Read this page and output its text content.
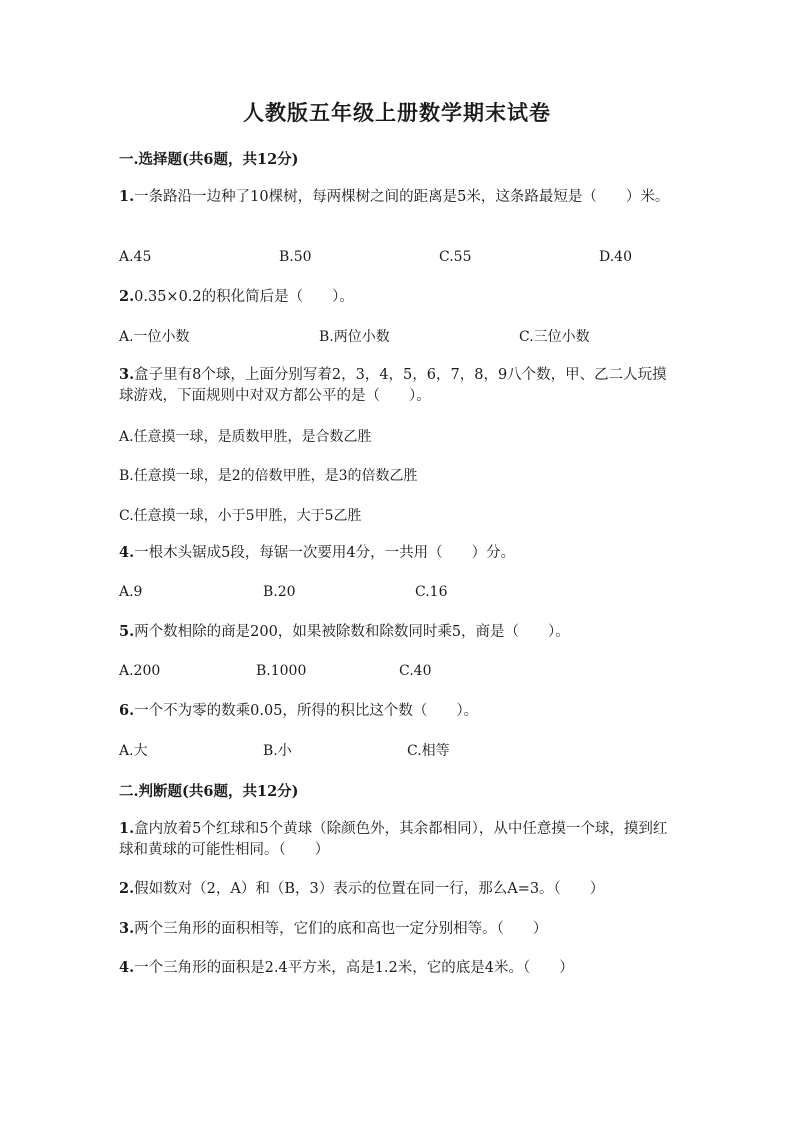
人教版五年级上册数学期末试卷
一.选择题(共6题，共12分)
1.一条路沿一边种了10棵树，每两棵树之间的距离是5米，这条路最短是（　　）米。
A.45	B.50	C.55	D.40
2.0.35×0.2的积化简后是（　　）。
A.一位小数	B.两位小数	C.三位小数
3.盒子里有8个球，上面分别写着2，3，4，5，6，7，8，9八个数，甲、乙二人玩摸球游戏，下面规则中对双方都公平的是（　　）。
A.任意摸一球，是质数甲胜，是合数乙胜
B.任意摸一球，是2的倍数甲胜，是3的倍数乙胜
C.任意摸一球，小于5甲胜，大于5乙胜
4.一根木头锯成5段，每锯一次要用4分，一共用（　　）分。
A.9	B.20	C.16
5.两个数相除的商是200，如果被除数和除数同时乘5，商是（　　）。
A.200	B.1000	C.40
6.一个不为零的数乘0.05，所得的积比这个数（　　）。
A.大	B.小	C.相等
二.判断题(共6题，共12分)
1.盒内放着5个红球和5个黄球（除颜色外，其余都相同），从中任意摸一个球，摸到红球和黄球的可能性相同。（　　）
2.假如数对（2，A）和（B，3）表示的位置在同一行，那么A=3。（　　）
3.两个三角形的面积相等，它们的底和高也一定分别相等。（　　）
4.一个三角形的面积是2.4平方米，高是1.2米，它的底是4米。（　　）
